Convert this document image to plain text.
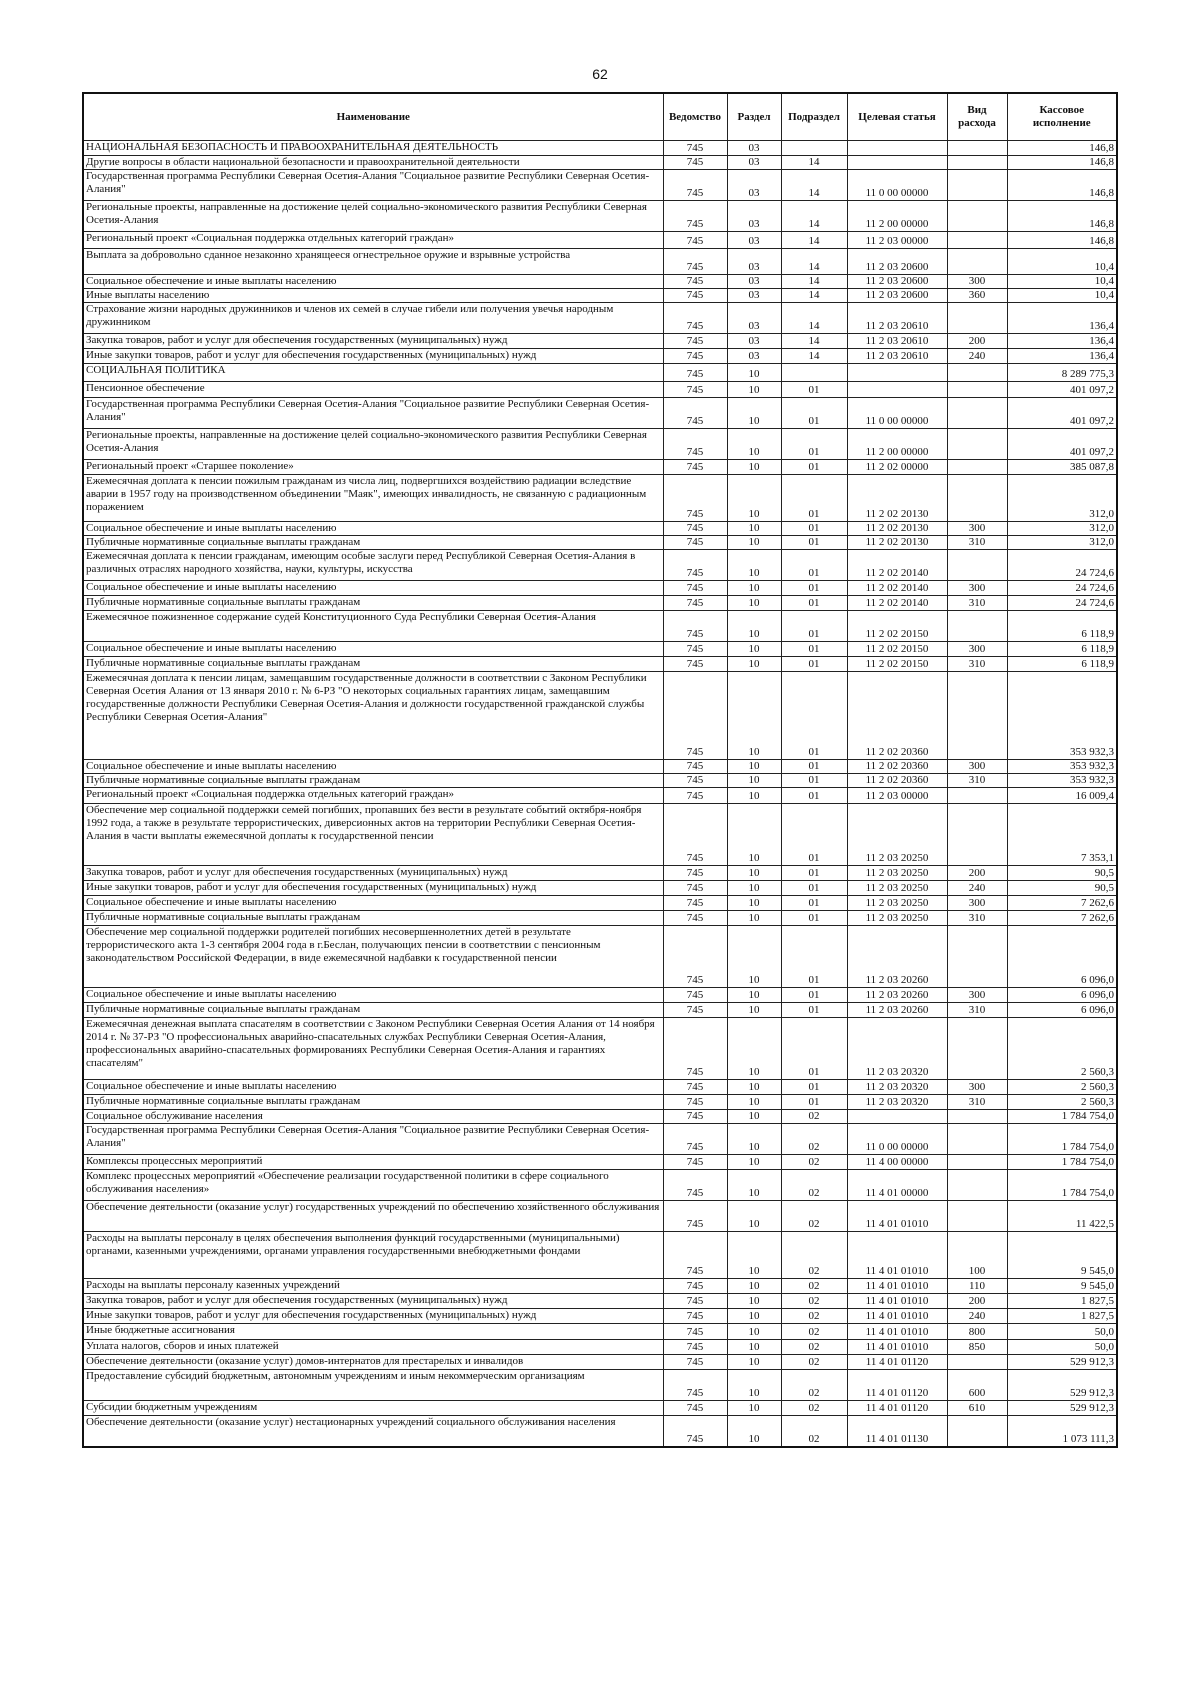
62
Наименование	Ведомство	Раздел	Подраздел	Целевая статья	Вид расхода	Кассовое исполнение
НАЦИОНАЛЬНАЯ БЕЗОПАСНОСТЬ И ПРАВООХРАНИТЕЛЬНАЯ ДЕЯТЕЛЬНОСТЬ	745	03				146,8
Другие вопросы в области национальной безопасности и правоохранительной деятельности	745	03	14			146,8
Государственная программа Республики Северная Осетия-Алания "Социальное развитие Республики Северная Осетия-Алания"	745	03	14	11 0 00 00000		146,8
Региональные проекты, направленные на достижение целей социально-экономического развития Республики Северная Осетия-Алания	745	03	14	11 2 00 00000		146,8
Региональный проект «Социальная поддержка отдельных категорий граждан»	745	03	14	11 2 03 00000		146,8
Выплата за добровольно сданное незаконно хранящееся огнестрельное оружие и взрывные устройства	745	03	14	11 2 03 20600		10,4
Социальное обеспечение и иные выплаты населению	745	03	14	11 2 03 20600	300	10,4
Иные выплаты населению	745	03	14	11 2 03 20600	360	10,4
Страхование жизни народных дружинников и членов их семей в случае гибели или получения увечья народным дружинником	745	03	14	11 2 03 20610		136,4
Закупка товаров, работ и услуг для обеспечения государственных (муниципальных) нужд	745	03	14	11 2 03 20610	200	136,4
Иные закупки товаров, работ и услуг для обеспечения государственных (муниципальных) нужд	745	03	14	11 2 03 20610	240	136,4
СОЦИАЛЬНАЯ ПОЛИТИКА	745	10				8 289 775,3
Пенсионное обеспечение	745	10	01			401 097,2
Государственная программа Республики Северная Осетия-Алания "Социальное развитие Республики Северная Осетия-Алания"	745	10	01	11 0 00 00000		401 097,2
Региональные проекты, направленные на достижение целей социально-экономического развития Республики Северная Осетия-Алания	745	10	01	11 2 00 00000		401 097,2
Региональный проект «Старшее поколение»	745	10	01	11 2 02 00000		385 087,8
Ежемесячная доплата к пенсии пожилым гражданам из числа лиц, подвергшихся воздействию радиации вследствие аварии в 1957 году на производственном объединении "Маяк", имеющих инвалидность, не связанную с радиационным поражением	745	10	01	11 2 02 20130		312,0
Социальное обеспечение и иные выплаты населению	745	10	01	11 2 02 20130	300	312,0
Публичные нормативные социальные выплаты гражданам	745	10	01	11 2 02 20130	310	312,0
Ежемесячная доплата к пенсии гражданам, имеющим особые заслуги перед Республикой Северная Осетия-Алания в различных отраслях народного хозяйства, науки, культуры, искусства	745	10	01	11 2 02 20140		24 724,6
Социальное обеспечение и иные выплаты населению	745	10	01	11 2 02 20140	300	24 724,6
Публичные нормативные социальные выплаты гражданам	745	10	01	11 2 02 20140	310	24 724,6
Ежемесячное пожизненное содержание судей Конституционного Суда Республики Северная Осетия-Алания	745	10	01	11 2 02 20150		6 118,9
Социальное обеспечение и иные выплаты населению	745	10	01	11 2 02 20150	300	6 118,9
Публичные нормативные социальные выплаты гражданам	745	10	01	11 2 02 20150	310	6 118,9
Ежемесячная доплата к пенсии лицам, замещавшим государственные должности в соответствии с Законом Республики Северная Осетия Алания от 13 января 2010 г. № 6-РЗ "О некоторых социальных гарантиях лицам, замещавшим государственные должности Республики Северная Осетия-Алания и должности государственной гражданской службы Республики Северная Осетия-Алания"	745	10	01	11 2 02 20360		353 932,3
Социальное обеспечение и иные выплаты населению	745	10	01	11 2 02 20360	300	353 932,3
Публичные нормативные социальные выплаты гражданам	745	10	01	11 2 02 20360	310	353 932,3
Региональный проект «Социальная поддержка отдельных категорий граждан»	745	10	01	11 2 03 00000		16 009,4
Обеспечение мер социальной поддержки семей погибших, пропавших без вести в результате событий октября-ноября 1992 года, а также в результате террористических, диверсионных актов на территории Республики Северная Осетия-Алания в части выплаты ежемесячной доплаты к государственной пенсии	745	10	01	11 2 03 20250		7 353,1
Закупка товаров, работ и услуг для обеспечения государственных (муниципальных) нужд	745	10	01	11 2 03 20250	200	90,5
Иные закупки товаров, работ и услуг для обеспечения государственных (муниципальных) нужд	745	10	01	11 2 03 20250	240	90,5
Социальное обеспечение и иные выплаты населению	745	10	01	11 2 03 20250	300	7 262,6
Публичные нормативные социальные выплаты гражданам	745	10	01	11 2 03 20250	310	7 262,6
Обеспечение мер социальной поддержки родителей погибших несовершеннолетних детей в результате террористического акта 1-3 сентября 2004 года в г.Беслан, получающих пенсии в соответствии с пенсионным законодательством Российской Федерации, в виде ежемесячной надбавки к государственной пенсии	745	10	01	11 2 03 20260		6 096,0
Социальное обеспечение и иные выплаты населению	745	10	01	11 2 03 20260	300	6 096,0
Публичные нормативные социальные выплаты гражданам	745	10	01	11 2 03 20260	310	6 096,0
Ежемесячная денежная выплата спасателям в соответствии с Законом Республики Северная Осетия Алания от 14 ноября 2014 г. № 37-РЗ "О профессиональных аварийно-спасательных службах Республики Северная Осетия-Алания, профессиональных аварийно-спасательных формированиях Республики Северная Осетия-Алания и гарантиях спасателям"	745	10	01	11 2 03 20320		2 560,3
Социальное обеспечение и иные выплаты населению	745	10	01	11 2 03 20320	300	2 560,3
Публичные нормативные социальные выплаты гражданам	745	10	01	11 2 03 20320	310	2 560,3
Социальное обслуживание населения	745	10	02			1 784 754,0
Государственная программа Республики Северная Осетия-Алания "Социальное развитие Республики Северная Осетия-Алания"	745	10	02	11 0 00 00000		1 784 754,0
Комплексы процессных мероприятий	745	10	02	11 4 00 00000		1 784 754,0
Комплекс процессных мероприятий «Обеспечение реализации государственной политики в сфере социального обслуживания населения»	745	10	02	11 4 01 00000		1 784 754,0
Обеспечение деятельности (оказание услуг) государственных учреждений по обеспечению хозяйственного обслуживания	745	10	02	11 4 01 01010		11 422,5
Расходы на выплаты персоналу в целях обеспечения выполнения функций государственными (муниципальными) органами, казенными учреждениями, органами управления государственными внебюджетными фондами	745	10	02	11 4 01 01010	100	9 545,0
Расходы на выплаты персоналу казенных учреждений	745	10	02	11 4 01 01010	110	9 545,0
Закупка товаров, работ и услуг для обеспечения государственных (муниципальных) нужд	745	10	02	11 4 01 01010	200	1 827,5
Иные закупки товаров, работ и услуг для обеспечения государственных (муниципальных) нужд	745	10	02	11 4 01 01010	240	1 827,5
Иные бюджетные ассигнования	745	10	02	11 4 01 01010	800	50,0
Уплата налогов, сборов и иных платежей	745	10	02	11 4 01 01010	850	50,0
Обеспечение деятельности (оказание услуг) домов-интернатов для престарелых и инвалидов	745	10	02	11 4 01 01120		529 912,3
Предоставление субсидий бюджетным, автономным учреждениям и иным некоммерческим организациям	745	10	02	11 4 01 01120	600	529 912,3
Субсидии бюджетным учреждениям	745	10	02	11 4 01 01120	610	529 912,3
Обеспечение деятельности (оказание услуг) нестационарных учреждений социального обслуживания населения	745	10	02	11 4 01 01130		1 073 111,3
